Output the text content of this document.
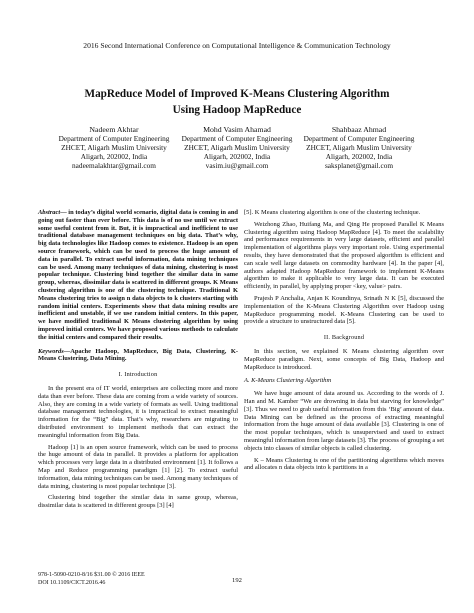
2016 Second International Conference on Computational Intelligence & Communication Technology
MapReduce Model of Improved K-Means Clustering Algorithm
Using Hadoop MapReduce
Nadeem Akhtar
Department of Computer Engineering
ZHCET, Aligarh Muslim University
Aligarh, 202002, India
nadeemalakhtar@gmail.com
Mohd Vasim Ahamad
Department of Computer Engineering
ZHCET, Aligarh Muslim University
Aligarh, 202002, India
vasim.iu@gmail.com
Shahbaaz Ahmad
Department of Computer Engineering
ZHCET, Aligarh Muslim University
Aligarh, 202002, India
saksplanet@gmail.com

Abstract— in today’s digital world scenario, digital data is coming in and going out faster than ever before. This data is of no use until we extract some useful content from it. But, it is impractical and inefficient to use traditional database management techniques on big data. That’s why, big data technologies like Hadoop comes to existence. Hadoop is an open source framework, which can be used to process the huge amount of data in parallel. To extract useful information, data mining techniques can be used. Among many techniques of data mining, clustering is most popular technique. Clustering bind together the similar data in same group, whereas, dissimilar data is scattered in different groups. K Means clustering algorithm is one of the clustering technique. Traditional K Means clustering tries to assign n data objects to k clusters starting with random initial centers. Experiments show that data mining results are inefficient and unstable, if we use random initial centers. In this paper, we have modified traditional K Means clustering algorithm by using improved initial centers. We have proposed various methods to calculate the initial centers and compared their results.

Keywords—Apache Hadoop, MapReduce, Big Data, Clustering, K-Means Clustering, Data Mining.

I. Introduction

In the present era of IT world, enterprises are collecting more and more data than ever before. These data are coming from a wide variety of sources. Also, they are coming in a wide variety of formats as well. Using traditional database management technologies, it is impractical to extract meaningful information for the “Big” data. That’s why, researchers are migrating to distributed environment to implement methods that can extract the meaningful information from Big Data.

Hadoop [1] is an open source framework, which can be used to process the huge amount of data in parallel. It provides a platform for application which processes very large data in a distributed environment [1]. It follows a Map and Reduce programming paradigm [1] [2]. To extract useful information, data mining techniques can be used. Among many techniques of data mining, clustering is most popular technique [3].

Clustering bind together the similar data in same group, whereas, dissimilar data is scattered in different groups [3] [4]

[5]. K Means clustering algorithm is one of the clustering technique.

Weizhong Zhao, Huifang Ma, and Qing He proposed Parallel K Means Clustering algorithm using Hadoop MapReduce [4]. To meet the scalability and performance requirements in very large datasets, efficient and parallel implementation of algorithms plays very important role. Using experimental results, they have demonstrated that the proposed algorithm is efficient and can scale well large datasets on commodity hardware [4]. In the paper [4], authors adapted Hadoop MapReduce framework to implement K-Means algorithm to make it applicable to very large data. It can be executed efficiently, in parallel, by applying proper <key, value> pairs.

Prajesh P Anchalia, Anjan K Koundinya, Srinath N K [5], discussed the implementation of the K-Means Clustering Algorithm over Hadoop using MapReduce programming model. K-Means Clustering can be used to provide a structure to unstructured data [5].

II. Background

In this section, we explained K Means clustering algorithm over MapReduce paradigm. Next, some concepts of Big Data, Hadoop and MapReduce is introduced.

A. K-Means Clustering Algorithm

We have huge amount of data around us. According to the words of J. Han and M. Kamber “We are drowning in data but starving for knowledge” [3]. Thus we need to grab useful information from this ‘Big’ amount of data. Data Mining can be defined as the process of extracting meaningful information from the huge amount of data available [3]. Clustering is one of the most popular techniques, which is unsupervised and used to extract meaningful information from large datasets [3]. The process of grouping a set objects into classes of similar objects is called clustering.

K – Means Clustering is one of the partitioning algorithms which moves and allocates n data objects into k partitions in a

978-1-5090-0210-8/16 $31.00 © 2016 IEEE
DOI 10.1109/CICT.2016.46	192
